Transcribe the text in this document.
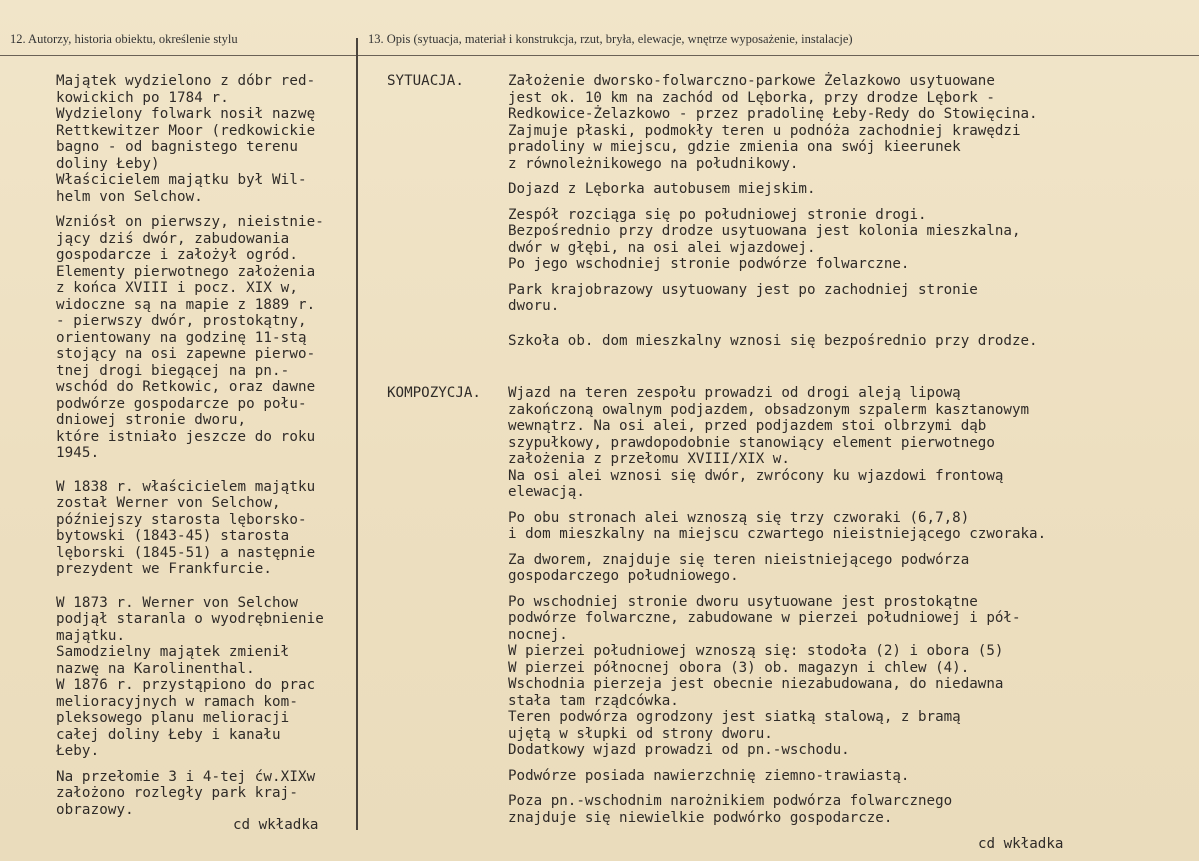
12. Autorzy, historia obiektu, określenie stylu	13. Opis (sytuacja, materiał i konstrukcja, rzut, bryła, elewacje, wnętrze wyposażenie, instalacje)

Majątek wydzielono z dóbr red-
kowickich po 1784 r.
Wydzielony folwark nosił nazwę
Rettkewitzer Moor (redkowickie
bagno - od bagnistego terenu
doliny Łeby)
Właścicielem majątku był Wil-
helm von Selchow.

Wzniósł on pierwszy, nieistnie-
jący dziś dwór, zabudowania
gospodarcze i założył ogród.
Elementy pierwotnego założenia
z końca XVIII i pocz. XIX w,
widoczne są na mapie z 1889 r.
- pierwszy dwór, prostokątny,
orientowany na godzinę 11-stą
stojący na osi zapewne pierwo-
tnej drogi biegącej na pn.-
wschód do Retkowic, oraz dawne
podwórze gospodarcze po połu-
dniowej stronie dworu,
które istniało jeszcze do roku
1945.

W 1838 r. właścicielem majątku
został Werner von Selchow,
późniejszy starosta lęborsko-
bytowski (1843-45) starosta
lęborski (1845-51) a następnie
prezydent we Frankfurcie.

W 1873 r. Werner von Selchow
podjął staranla o wyodrębnienie
majątku.
Samodzielny majątek zmienił
nazwę na Karolinenthal.
W 1876 r. przystąpiono do prac
melioracyjnych w ramach kom-
pleksowego planu melioracji
całej doliny Łeby i kanału
Łeby.

Na przełomie 3 i 4-tej ćw.XIXw
założono rozległy park kraj-
obrazowy.

cd wkładka
SYTUACJA.	Założenie dworsko-folwarczno-parkowe Żelazkowo usytuowane
jest ok. 10 km na zachód od Lęborka, przy drodze Lębork -
Redkowice-Żelazkowo - przez pradolinę Łeby-Redy do Stowięcina.
Zajmuje płaski, podmokły teren u podnóża zachodniej krawędzi
pradoliny w miejscu, gdzie zmienia ona swój kieerunek
z równoleżnikowego na południkowy.

Dojazd z Lęborka autobusem miejskim.

Zespół rozciąga się po południowej stronie drogi.
Bezpośrednio przy drodze usytuowana jest kolonia mieszkalna,
dwór w głębi, na osi alei wjazdowej.
Po jego wschodniej stronie podwórze folwarczne.

Park krajobrazowy usytuowany jest po zachodniej stronie
dworu.

Szkoła ob. dom mieszkalny wznosi się bezpośrednio przy drodze.

KOMPOZYCJA. Wjazd na teren zespołu prowadzi od drogi aleją lipową
zakończoną owalnym podjazdem, obsadzonym szpalerm kasztanowym
wewnątrz. Na osi alei, przed podjazdem stoi olbrzymi dąb
szypułkowy, prawdopodobnie stanowiący element pierwotnego
założenia z przełomu XVIII/XIX w.
Na osi alei wznosi się dwór, zwrócony ku wjazdowi frontową
elewacją.

Po obu stronach alei wznoszą się trzy czworaki (6,7,8)
i dom mieszkalny na miejscu czwartego nieistniejącego czworaka.

Za dworem, znajduje się teren nieistniejącego podwórza
gospodarczego południowego.

Po wschodniej stronie dworu usytuowane jest prostokątne
podwórze folwarczne, zabudowane w pierzei południowej i pół-
nocnej.
W pierzei południowej wznoszą się: stodoła (2) i obora (5)
W pierzei północnej obora (3) ob. magazyn i chlew (4).
Wschodnia pierzeja jest obecnie niezabudowana, do niedawna
stała tam rządcówka.
Teren podwórza ogrodzony jest siatką stalową, z bramą
ujętą w słupki od strony dworu.
Dodatkowy wjazd prowadzi od pn.-wschodu.

Podwórze posiada nawierzchnię ziemno-trawiastą.

Poza pn.-wschodnim narożnikiem podwórza folwarcznego
znajduje się niewielkie podwórko gospodarcze.

cd wkładka
